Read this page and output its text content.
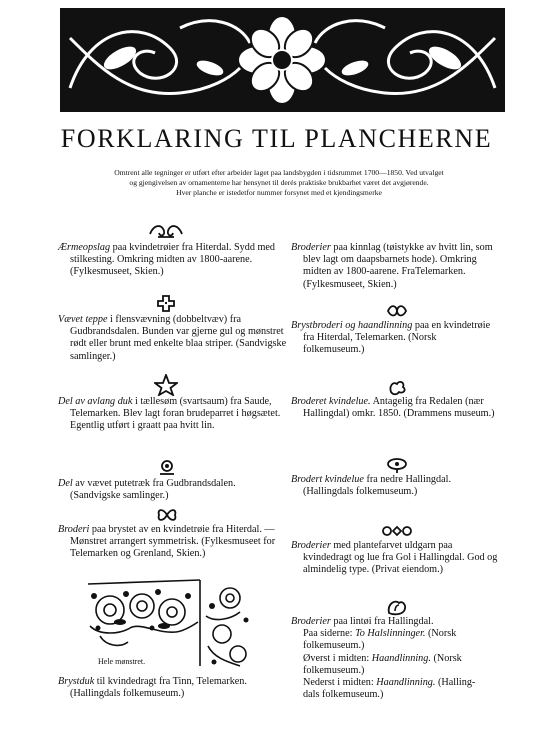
FORKLARING TIL PLANCHERNE
Omtrent alle tegninger er utført efter arbeider laget paa landsbygden i tidsrummet 1700—1850. Ved utvalget
og gjengivelsen av ornamenterne har hensynet til derés praktiske brukbarhet været det avgjørende.
Hver planche er istedetfor nummer forsynet med et kjendingsmerke

Ærmeopslag paa kvindetrøier fra Hiterdal. Sydd med stilkesting. Omkring midten av 1800-aarene. (Fylkesmuseet, Skien.)

Vævet teppe i flensvævning (dobbeltvæv) fra Gudbrandsdalen. Bunden var gjerne gul og mønstret rødt eller brunt med enkelte blaa striper. (Sandvigske samlinger.)

Del av avlang duk i tællesøm (svartsaum) fra Saude, Telemarken. Blev lagt foran brudeparret i høgsætet. Egentlig utført i graatt paa hvitt lin.

Del av vævet putetræk fra Gudbrandsdalen. (Sandvigske samlinger.)

Broderi paa brystet av en kvindetrøie fra Hiterdal. — Mønstret arrangert symmetrisk. (Fylkesmuseet for Telemarken og Grenland, Skien.)

Brystduk til kvindedragt fra Tinn, Telemarken. (Hallingdals folkemuseum.)

Hele mønstret.

Broderier paa kinnlag (tøistykke av hvitt lin, som blev lagt om daapsbarnets hode). Omkring midten av 1800-aarene. FraTelemarken. (Fylkesmuseet, Skien.)

Brystbroderi og haandlinning paa en kvindetrøie fra Hiterdal, Telemarken. (Norsk folkemuseum.)

Broderet kvindelue. Antagelig fra Redalen (nær Hallingdal) omkr. 1850. (Drammens museum.)

Brodert kvindelue fra nedre Hallingdal. (Hallingdals folkemuseum.)

Broderier med plantefarvet uldgarn paa kvindedragt og lue fra Gol i Hallingdal. God og almindelig type. (Privat eiendom.)

Broderier paa lintøi fra Hallingdal.

Paa siderne: To Halslinninger. (Norsk

folkemuseum.)

Øverst i midten: Haandlinning. (Norsk

folkemuseum.)

Nederst i midten: Haandlinning. (Halling-

dals folkemuseum.)
